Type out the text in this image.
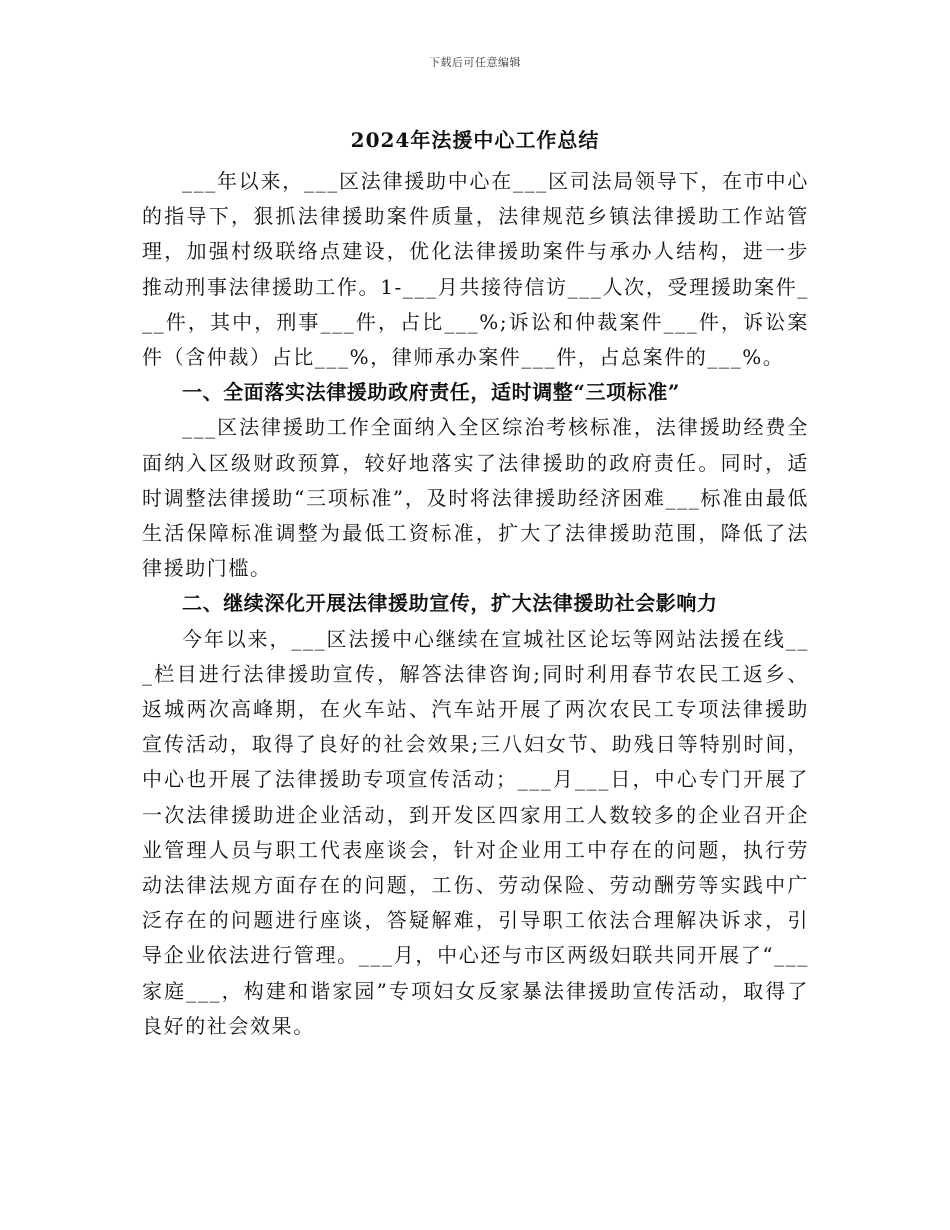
下载后可任意编辑
2024年法援中心工作总结

___年以来，___区法律援助中心在___区司法局领导下，在市中心的指导下，狠抓法律援助案件质量，法律规范乡镇法律援助工作站管理，加强村级联络点建设，优化法律援助案件与承办人结构，进一步推动刑事法律援助工作。1-___月共接待信访___人次，受理援助案件___件，其中，刑事___件，占比___%;诉讼和仲裁案件___件，诉讼案件（含仲裁）占比___%，律师承办案件___件，占总案件的___%。

一、全面落实法律援助政府责任，适时调整“三项标准”

___区法律援助工作全面纳入全区综治考核标准，法律援助经费全面纳入区级财政预算，较好地落实了法律援助的政府责任。同时，适时调整法律援助“三项标准”，及时将法律援助经济困难___标准由最低生活保障标准调整为最低工资标准，扩大了法律援助范围，降低了法律援助门槛。

二、继续深化开展法律援助宣传，扩大法律援助社会影响力

今年以来，___区法援中心继续在宣城社区论坛等网站法援在线___栏目进行法律援助宣传，解答法律咨询;同时利用春节农民工返乡、返城两次高峰期，在火车站、汽车站开展了两次农民工专项法律援助宣传活动，取得了良好的社会效果;三八妇女节、助残日等特别时间，中心也开展了法律援助专项宣传活动；___月___日，中心专门开展了一次法律援助进企业活动，到开发区四家用工人数较多的企业召开企业管理人员与职工代表座谈会，针对企业用工中存在的问题，执行劳动法律法规方面存在的问题，工伤、劳动保险、劳动酬劳等实践中广泛存在的问题进行座谈，答疑解难，引导职工依法合理解决诉求，引导企业依法进行管理。___月，中心还与市区两级妇联共同开展了“___家庭___，构建和谐家园”专项妇女反家暴法律援助宣传活动，取得了良好的社会效果。
